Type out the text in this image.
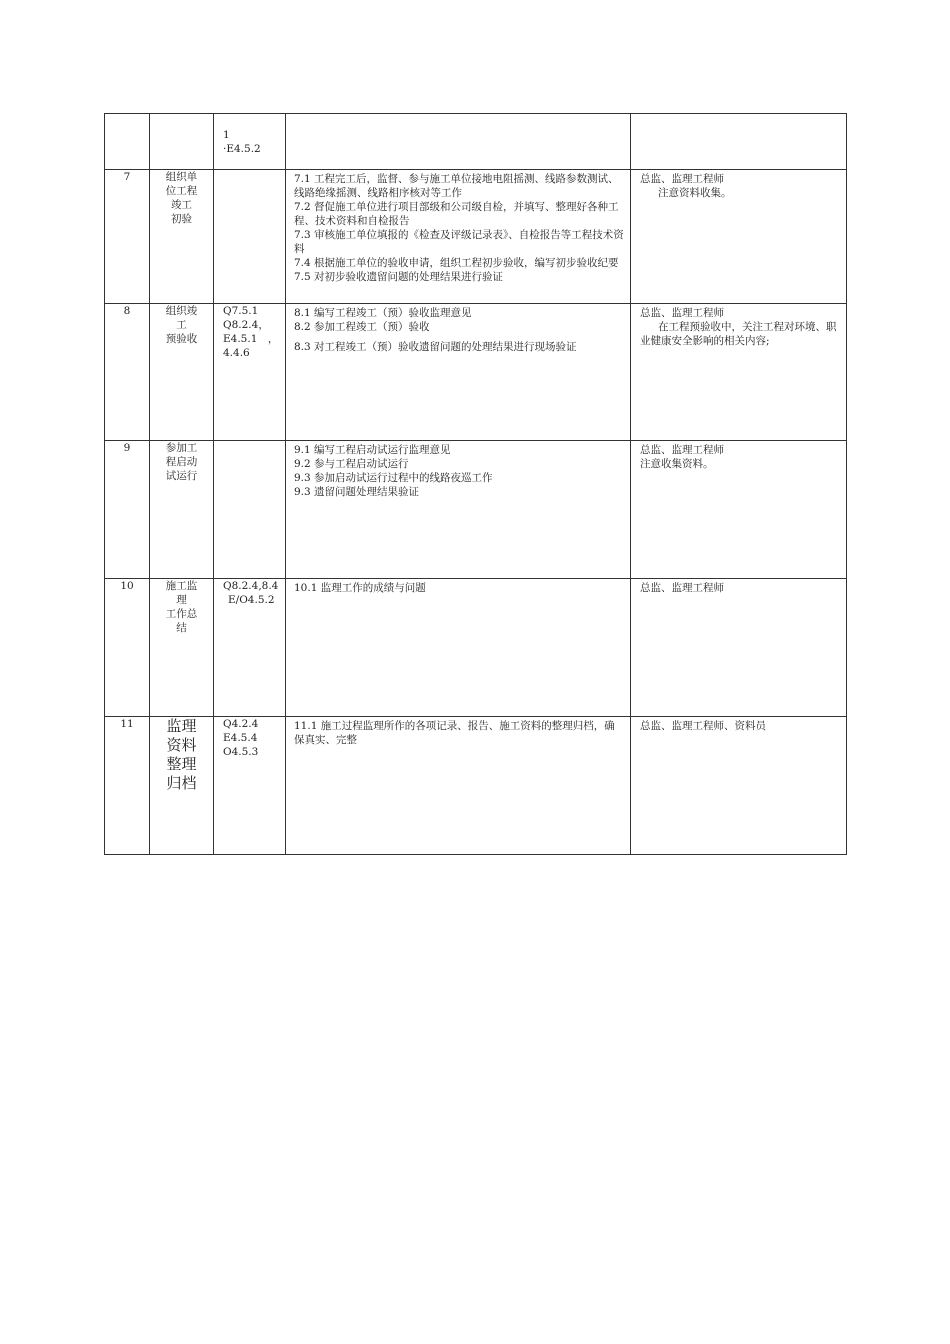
		1
·E4.5.2		

7	组织单
位工程
竣工
初验		7.1 工程完工后，监督、参与施工单位接地电阻摇测、线路参数测试、线路绝缘摇测、线路相序核对等工作
7.2 督促施工单位进行项目部级和公司级自检，并填写、整理好各种工程、技术资料和自检报告
7.3 审核施工单位填报的《检查及评级记录表》、自检报告等工程技术资料
7.4 根据施工单位的验收申请，组织工程初步验收，编写初步验收纪要
7.5 对初步验收遗留问题的处理结果进行验证	总监、监理工程师
注意资料收集。

8	组织竣
工
预验收	Q7.5.1
Q8.2.4，
E4.5.1　，
4.4.6	8.1 编写工程竣工（预）验收监理意见
8.2 参加工程竣工（预）验收
8.3 对工程竣工（预）验收遗留问题的处理结果进行现场验证	总监、监理工程师
在工程预验收中，关注工程对环境、职业健康安全影响的相关内容;

9	参加工
程启动
试运行		9.1 编写工程启动试运行监理意见
9.2 参与工程启动试运行
9.3 参加启动试运行过程中的线路夜巡工作
9.3 遗留问题处理结果验证	总监、监理工程师
注意收集资料。

10	施工监
理
工作总
结	Q8.2.4,8.4
E/O4.5.2	10.1 监理工作的成绩与问题	总监、监理工程师

11	监理
资料
整理
归档	Q4.2.4
E4.5.4
O4.5.3	11.1 施工过程监理所作的各项记录、报告、施工资料的整理归档，确保真实、完整	总监、监理工程师、资料员
